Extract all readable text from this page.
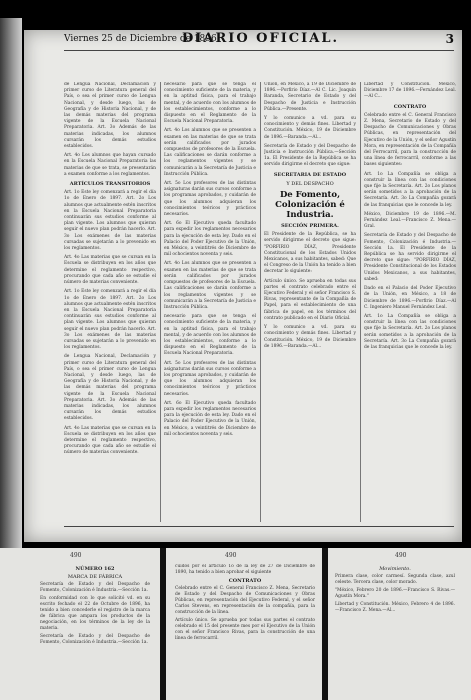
Viernes 25 de Diciembre de 1896.
DIARIO OFICIAL.	3

de Lengua Nacional, Declamación y primer curso de Literatura general del País, o sea el primer curso de Lengua Nacional, y desde luego, las de Geografía y de Historia Nacional, y de las demás materias del programa vigente de la Escuela Nacional Preparatoria. Art. 3o Además de las materias indicadas, los alumnos cursarán los demás estudios establecidos.

Art. 4o Los alumnos que hayan cursado en la Escuela Nacional Preparatoria las materias de que se trata, se presentarán a examen conforme a los reglamentos.

ARTÍCULOS TRANSITORIOS

Art. 1o Este ley comenzará a regir el día 1o de Enero de 1897. Art. 2o Los alumnos que actualmente estén inscritos en la Escuela Nacional Preparatoria continuarán sus estudios conforme al plan vigente. Los alumnos que quieran seguir el nuevo plan podrán hacerlo. Art. 3o Los exámenes de las materias cursadas se sujetarán a lo prevenido en los reglamentos.

Art. 4o Las materias que se cursan en la Escuela se distribuyen en los años que determine el reglamento respectivo, procurando que cada año se estudie el número de materias conveniente.

Art. 1o Este ley comenzará a regir el día 1o de Enero de 1897. Art. 2o Los alumnos que actualmente estén inscritos en la Escuela Nacional Preparatoria continuarán sus estudios conforme al plan vigente. Los alumnos que quieran seguir el nuevo plan podrán hacerlo. Art. 3o Los exámenes de las materias cursadas se sujetarán a lo prevenido en los reglamentos.

de Lengua Nacional, Declamación y primer curso de Literatura general del País, o sea el primer curso de Lengua Nacional, y desde luego, las de Geografía y de Historia Nacional, y de las demás materias del programa vigente de la Escuela Nacional Preparatoria. Art. 3o Además de las materias indicadas, los alumnos cursarán los demás estudios establecidos.

Art. 4o Las materias que se cursan en la Escuela se distribuyen en los años que determine el reglamento respectivo, procurando que cada año se estudie el número de materias conveniente.

necesario para que se tenga el conocimiento suficiente de la materia, y en la aptitud física, para el trabajo mental, y de acuerdo con los alumnos de los establecimientos, conforme a lo dispuesto en el Reglamento de la Escuela Nacional Preparatoria.

Art. 4o Los alumnos que se presenten a examen en las materias de que se trata serán calificados por jurados compuestos de profesores de la Escuela. Las calificaciones se darán conforme a los reglamentos vigentes y se comunicarán a la Secretaría de Justicia e Instrucción Pública.

Art. 5o Los profesores de las distintas asignaturas darán sus cursos conforme a los programas aprobados, y cuidarán de que los alumnos adquieran los conocimientos teóricos y prácticos necesarios.

Art. 6o El Ejecutivo queda facultado para expedir los reglamentos necesarios para la ejecución de esta ley. Dado en el Palacio del Poder Ejecutivo de la Unión, en México, a veintitrés de Diciembre de mil ochocientos noventa y seis.

Art. 4o Los alumnos que se presenten a examen en las materias de que se trata serán calificados por jurados compuestos de profesores de la Escuela. Las calificaciones se darán conforme a los reglamentos vigentes y se comunicarán a la Secretaría de Justicia e Instrucción Pública.

necesario para que se tenga el conocimiento suficiente de la materia, y en la aptitud física, para el trabajo mental, y de acuerdo con los alumnos de los establecimientos, conforme a lo dispuesto en el Reglamento de la Escuela Nacional Preparatoria.

Art. 5o Los profesores de las distintas asignaturas darán sus cursos conforme a los programas aprobados, y cuidarán de que los alumnos adquieran los conocimientos teóricos y prácticos necesarios.

Art. 6o El Ejecutivo queda facultado para expedir los reglamentos necesarios para la ejecución de esta ley. Dado en el Palacio del Poder Ejecutivo de la Unión, en México, a veintitrés de Diciembre de mil ochocientos noventa y seis.

Unión, en México, a 19 de Diciembre de 1896.—Porfirio Díaz.—Al C. Lic. Joaquín Baranda, Secretario de Estado y del Despacho de Justicia e Instrucción Pública.—Presente.

Y lo comunico a vd. para su conocimiento y demás fines. Libertad y Constitución. México, 19 de Diciembre de 1896.—Baranda.—Al...

Secretaría de Estado y del Despacho de Justicia e Instrucción Pública.—Sección 1a. El Presidente de la República se ha servido dirigirme el decreto que sigue:

SECRETARIA DE ESTADO

Y DEL DESPACHO

De Fomento, Colonización é Industria.

SECCIÓN PRIMERA.

El Presidente de la República, se ha servido dirigirme el decreto que sigue: "PORFIRIO DÍAZ, Presidente Constitucional de los Estados Unidos Mexicanos, a sus habitantes, sabed: Que el Congreso de la Unión ha tenido a bien decretar lo siguiente:

Artículo único. Se aprueba en todas sus partes el contrato celebrado entre el Ejecutivo Federal y el señor Francisco S. Rivas, representante de la Compañía de Papel, para el establecimiento de una fábrica de papel, en los términos del contrato publicado en el Diario Oficial.

Y lo comunico a vd. para su conocimiento y demás fines. Libertad y Constitución. México, 19 de Diciembre de 1896.—Baranda.—Al...

Libertad y Constitución. México, Diciembre 17 de 1896.—Fernández Leal.—Al C...

CONTRATO

Celebrado entre el C. General Francisco Z. Mena, Secretario de Estado y del Despacho de Comunicaciones y Obras Públicas, en representación del Ejecutivo de la Unión, y el señor Agustín Mora, en representación de la Compañía del Ferrocarril, para la construcción de una línea de ferrocarril, conforme a las bases siguientes:

Art. 1o La Compañía se obliga a construir la línea con las condiciones que fije la Secretaría. Art. 2o Los planos serán sometidos a la aprobación de la Secretaría. Art. 3o La Compañía gozará de las franquicias que le concede la ley.

México, Diciembre 19 de 1896.—M. Fernández Leal.—Francisco Z. Mena.—Gral.

Secretaría de Estado y del Despacho de Fomento, Colonización é Industria.—Sección 1a. El Presidente de la República se ha servido dirigirme el decreto que sigue: "PORFIRIO DÍAZ, Presidente Constitucional de los Estados Unidos Mexicanos, a sus habitantes, sabed:

Dado en el Palacio del Poder Ejecutivo de la Unión, en México, a 18 de Diciembre de 1896.—Porfirio Díaz.—Al C. Ingeniero Manuel Fernández Leal.

Art. 1o La Compañía se obliga a construir la línea con las condiciones que fije la Secretaría. Art. 2o Los planos serán sometidos a la aprobación de la Secretaría. Art. 3o La Compañía gozará de las franquicias que le concede la ley.

490	490	490

NÚMERO 162

MARCA DE FÁBRICA

Secretaría de Estado y del Despacho de Fomento, Colonización é Industria.—Sección 1a.

En conformidad con lo que solicitó vd. en su escrito fechado el 22 de Octubre de 1896, ha tenido a bien concederle el registro de la marca de fábrica que ampara los productos de la negociación, en los términos de la ley de la materia.

Secretaría de Estado y del Despacho de Fomento, Colonización é Industria.—Sección 1a.

cuidos por el artículo 1o de la ley de 27 de Diciembre de 1890, ha tenido a bien aprobar el siguiente

CONTRATO

Celebrado entre el C. General Francisco Z. Mena, Secretario de Estado y del Despacho de Comunicaciones y Obras Públicas, en representación del Ejecutivo Federal, y el señor Carlos Stevens, en representación de la compañía, para la construcción de la línea.

Artículo único. Se aprueba por todas sus partes el contrato celebrado el 15 del presente mes por el Ejecutivo de la Unión con el señor Francisco Rivas, para la construcción de una línea de ferrocarril.

Movimiento.

Primera clase, color carmesí. Segunda clase, azul celeste. Tercera clase, color morado.

"México, Febrero 20 de 1896.—Francisco S. Rivas.—Agustín Mora."

Libertad y Constitución. México, Febrero 4 de 1896.—Francisco Z. Mena.—Al...
